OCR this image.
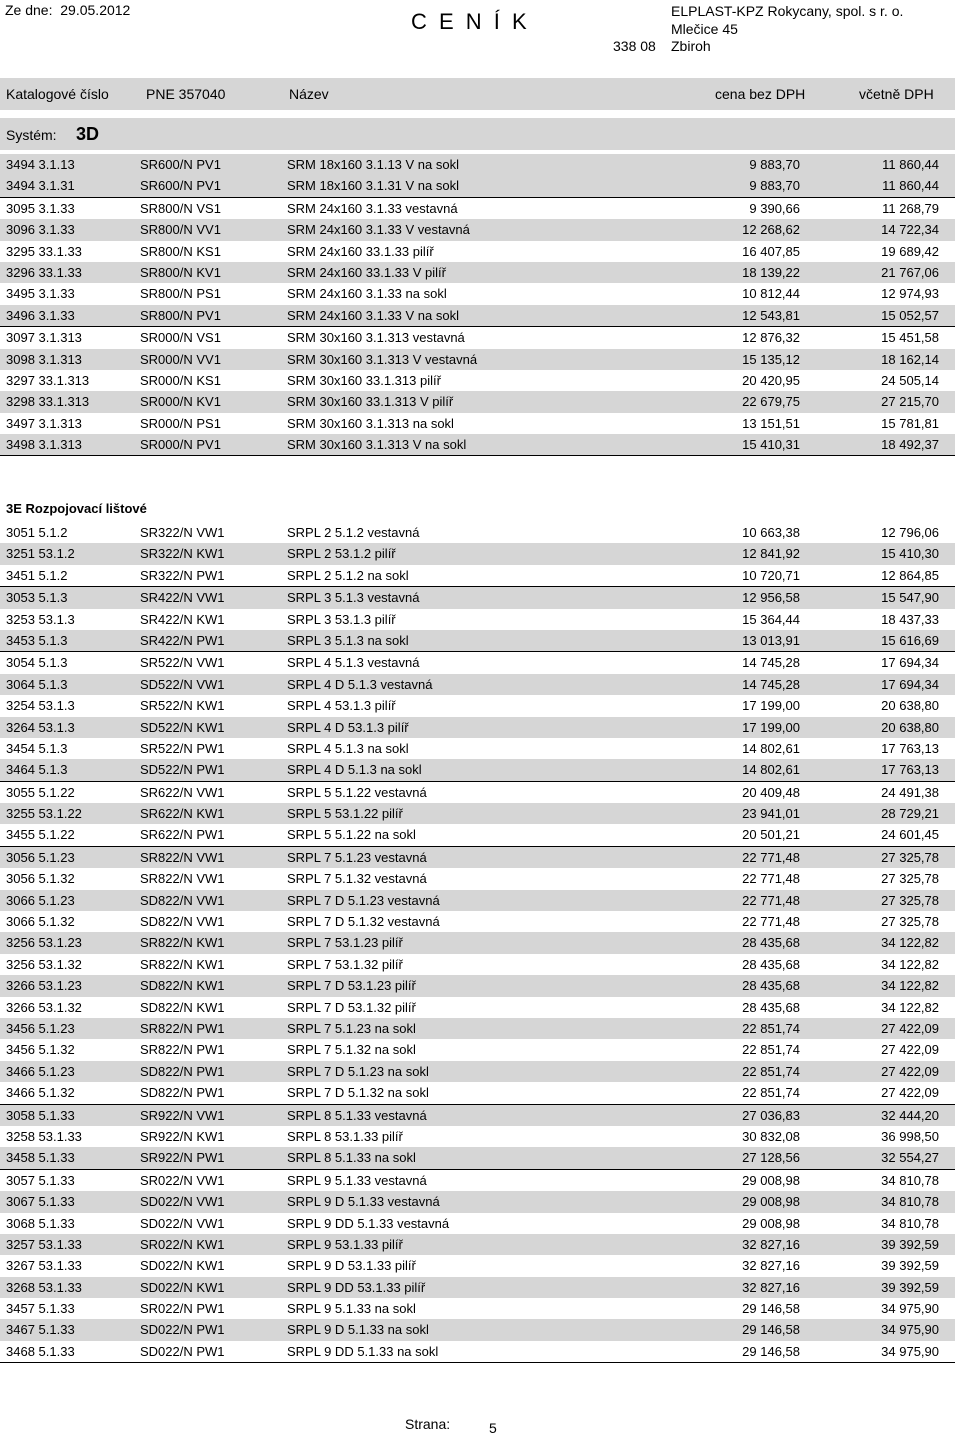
Ze dne: 29.05.2012	C E N Í K	ELPLAST-KPZ Rokycany, spol. s r. o.
Mlečice 45
338 08 Zbiroh
Katalogové číslo	PNE 357040	Název	cena bez DPH	včetně DPH
Systém: 3D
3494 3.1.13	SR600/N PV1	SRM 18x160 3.1.13 V na sokl	9 883,70	11 860,44
3494 3.1.31	SR600/N PV1	SRM 18x160 3.1.31 V na sokl	9 883,70	11 860,44
3095 3.1.33	SR800/N VS1	SRM 24x160 3.1.33 vestavná	9 390,66	11 268,79
3096 3.1.33	SR800/N VV1	SRM 24x160 3.1.33 V vestavná	12 268,62	14 722,34
3295 33.1.33	SR800/N KS1	SRM 24x160 33.1.33 pilíř	16 407,85	19 689,42
3296 33.1.33	SR800/N KV1	SRM 24x160 33.1.33 V pilíř	18 139,22	21 767,06
3495 3.1.33	SR800/N PS1	SRM 24x160 3.1.33 na sokl	10 812,44	12 974,93
3496 3.1.33	SR800/N PV1	SRM 24x160 3.1.33 V na sokl	12 543,81	15 052,57
3097 3.1.313	SR000/N VS1	SRM 30x160 3.1.313 vestavná	12 876,32	15 451,58
3098 3.1.313	SR000/N VV1	SRM 30x160 3.1.313 V vestavná	15 135,12	18 162,14
3297 33.1.313	SR000/N KS1	SRM 30x160 33.1.313 pilíř	20 420,95	24 505,14
3298 33.1.313	SR000/N KV1	SRM 30x160 33.1.313 V pilíř	22 679,75	27 215,70
3497 3.1.313	SR000/N PS1	SRM 30x160 3.1.313 na sokl	13 151,51	15 781,81
3498 3.1.313	SR000/N PV1	SRM 30x160 3.1.313 V na sokl	15 410,31	18 492,37
3E Rozpojovací lištové
3051 5.1.2	SR322/N VW1	SRPL 2 5.1.2 vestavná	10 663,38	12 796,06
3251 53.1.2	SR322/N KW1	SRPL 2 53.1.2 pilíř	12 841,92	15 410,30
3451 5.1.2	SR322/N PW1	SRPL 2 5.1.2 na sokl	10 720,71	12 864,85
3053 5.1.3	SR422/N VW1	SRPL 3 5.1.3 vestavná	12 956,58	15 547,90
3253 53.1.3	SR422/N KW1	SRPL 3 53.1.3 pilíř	15 364,44	18 437,33
3453 5.1.3	SR422/N PW1	SRPL 3 5.1.3 na sokl	13 013,91	15 616,69
3054 5.1.3	SR522/N VW1	SRPL 4 5.1.3 vestavná	14 745,28	17 694,34
3064 5.1.3	SD522/N VW1	SRPL 4 D 5.1.3 vestavná	14 745,28	17 694,34
3254 53.1.3	SR522/N KW1	SRPL 4 53.1.3 pilíř	17 199,00	20 638,80
3264 53.1.3	SD522/N KW1	SRPL 4 D 53.1.3 pilíř	17 199,00	20 638,80
3454 5.1.3	SR522/N PW1	SRPL 4 5.1.3 na sokl	14 802,61	17 763,13
3464 5.1.3	SD522/N PW1	SRPL 4 D 5.1.3 na sokl	14 802,61	17 763,13
3055 5.1.22	SR622/N VW1	SRPL 5 5.1.22 vestavná	20 409,48	24 491,38
3255 53.1.22	SR622/N KW1	SRPL 5 53.1.22 pilíř	23 941,01	28 729,21
3455 5.1.22	SR622/N PW1	SRPL 5 5.1.22 na sokl	20 501,21	24 601,45
3056 5.1.23	SR822/N VW1	SRPL 7 5.1.23 vestavná	22 771,48	27 325,78
3056 5.1.32	SR822/N VW1	SRPL 7 5.1.32 vestavná	22 771,48	27 325,78
3066 5.1.23	SD822/N VW1	SRPL 7 D 5.1.23 vestavná	22 771,48	27 325,78
3066 5.1.32	SD822/N VW1	SRPL 7 D 5.1.32 vestavná	22 771,48	27 325,78
3256 53.1.23	SR822/N KW1	SRPL 7 53.1.23 pilíř	28 435,68	34 122,82
3256 53.1.32	SR822/N KW1	SRPL 7 53.1.32 pilíř	28 435,68	34 122,82
3266 53.1.23	SD822/N KW1	SRPL 7 D 53.1.23 pilíř	28 435,68	34 122,82
3266 53.1.32	SD822/N KW1	SRPL 7 D 53.1.32 pilíř	28 435,68	34 122,82
3456 5.1.23	SR822/N PW1	SRPL 7 5.1.23 na sokl	22 851,74	27 422,09
3456 5.1.32	SR822/N PW1	SRPL 7 5.1.32 na sokl	22 851,74	27 422,09
3466 5.1.23	SD822/N PW1	SRPL 7 D 5.1.23 na sokl	22 851,74	27 422,09
3466 5.1.32	SD822/N PW1	SRPL 7 D 5.1.32 na sokl	22 851,74	27 422,09
3058 5.1.33	SR922/N VW1	SRPL 8 5.1.33 vestavná	27 036,83	32 444,20
3258 53.1.33	SR922/N KW1	SRPL 8 53.1.33 pilíř	30 832,08	36 998,50
3458 5.1.33	SR922/N PW1	SRPL 8 5.1.33 na sokl	27 128,56	32 554,27
3057 5.1.33	SR022/N VW1	SRPL 9 5.1.33 vestavná	29 008,98	34 810,78
3067 5.1.33	SD022/N VW1	SRPL 9 D 5.1.33 vestavná	29 008,98	34 810,78
3068 5.1.33	SD022/N VW1	SRPL 9 DD 5.1.33 vestavná	29 008,98	34 810,78
3257 53.1.33	SR022/N KW1	SRPL 9 53.1.33 pilíř	32 827,16	39 392,59
3267 53.1.33	SD022/N KW1	SRPL 9 D 53.1.33 pilíř	32 827,16	39 392,59
3268 53.1.33	SD022/N KW1	SRPL 9 DD 53.1.33 pilíř	32 827,16	39 392,59
3457 5.1.33	SR022/N PW1	SRPL 9 5.1.33 na sokl	29 146,58	34 975,90
3467 5.1.33	SD022/N PW1	SRPL 9 D 5.1.33 na sokl	29 146,58	34 975,90
3468 5.1.33	SD022/N PW1	SRPL 9 DD 5.1.33 na sokl	29 146,58	34 975,90
Strana:	5
